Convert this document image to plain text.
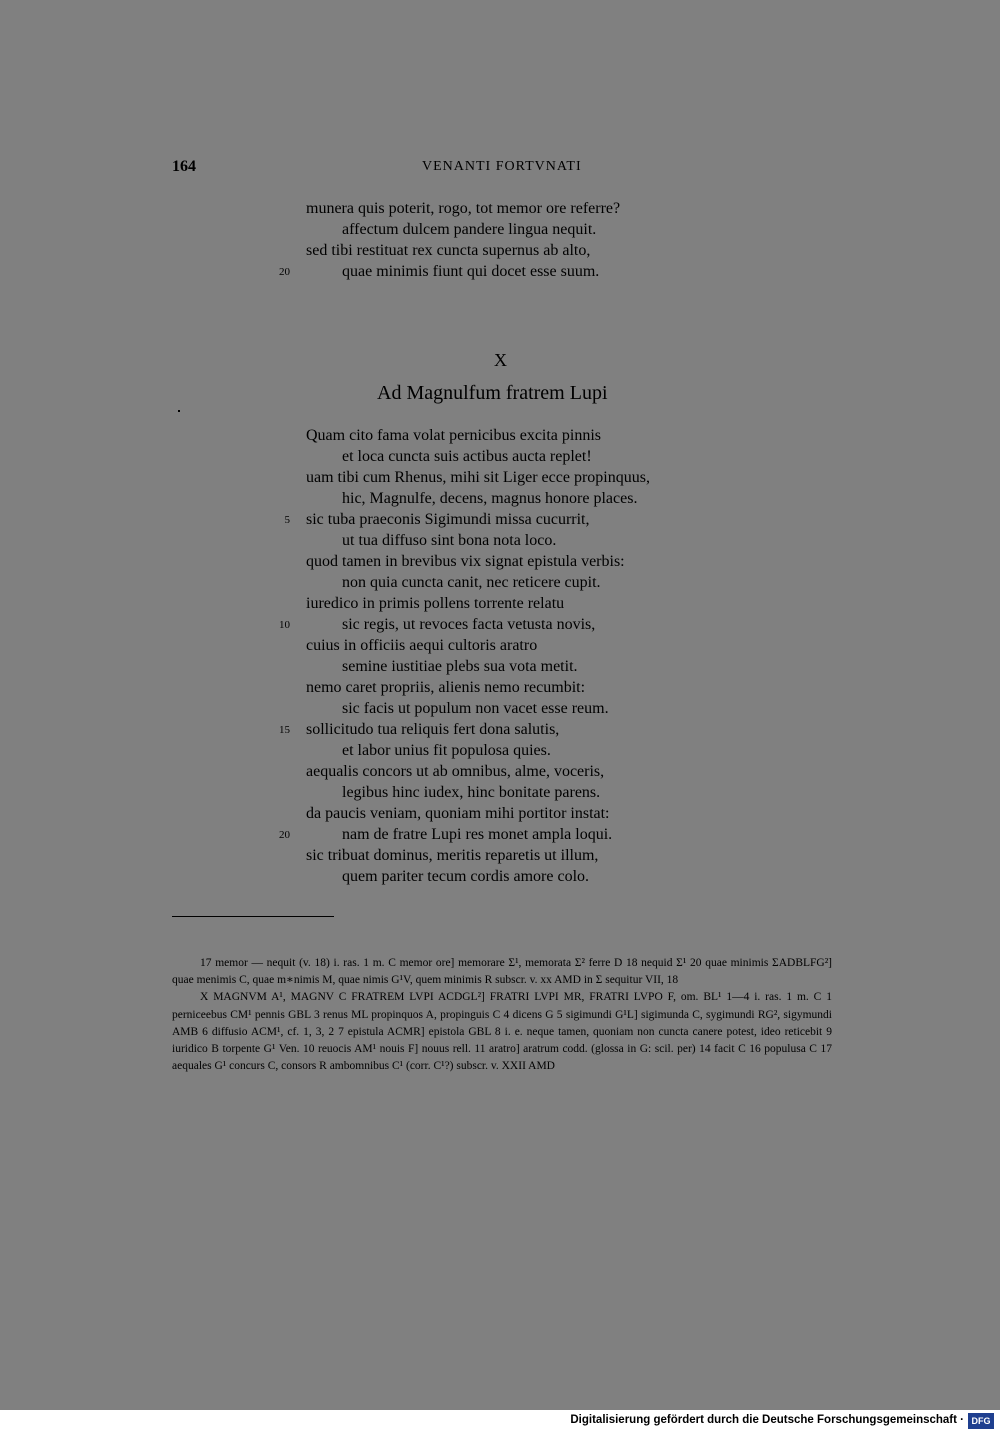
164	VENANTI FORTVNATI
munera quis poterit, rogo, tot memor ore referre?
affectum dulcem pandere lingua nequit.
sed tibi restituat rex cuncta supernus ab alto,
20	quae minimis fiunt qui docet esse suum.
X
Ad Magnulfum fratrem Lupi
Quam cito fama volat pernicibus excita pinnis
et loca cuncta suis actibus aucta replet!
uam tibi cum Rhenus, mihi sit Liger ecce propinquus,
hic, Magnulfe, decens, magnus honore places.
5 sic tuba praeconis Sigimundi missa cucurrit,
ut tua diffuso sint bona nota loco.
quod tamen in brevibus vix signat epistula verbis:
non quia cuncta canit, nec reticere cupit.
iuredico in primis pollens torrente relatu
10	sic regis, ut revoces facta vetusta novis,
cuius in officiis aequi cultoris aratro
semine iustitiae plebs sua vota metit.
nemo caret propriis, alienis nemo recumbit:
sic facis ut populum non vacet esse reum.
15 sollicitudo tua reliquis fert dona salutis,
et labor unius fit populosa quies.
aequalis concors ut ab omnibus, alme, voceris,
legibus hinc iudex, hinc bonitate parens.
da paucis veniam, quoniam mihi portitor instat:
20	nam de fratre Lupi res monet ampla loqui.
sic tribuat dominus, meritis reparetis ut illum,
quem pariter tecum cordis amore colo.

17 memor — nequit (v. 18) i. ras. 1 m. C memor ore] memorare Σ¹, memorata Σ² ferre D 18 nequid Σ¹ 20 quae minimis ΣADBLFG²] quae menimis C, quae m∗nimis M, quae nimis G¹V, quem minimis R subscr. v. xx AMD in Σ sequitur VII, 18

X MAGNVM A¹, MAGNV C FRATREM LVPI ACDGL²] FRATRI LVPI MR, FRATRI LVPO F, om. BL¹ 1—4 i. ras. 1 m. C 1 perniceebus CM¹ pennis GBL 3 renus ML propinquos A, propinguis C 4 dicens G 5 sigimundi G¹L] sigimunda C, sygimundi RG², sigymundi AMB 6 diffusio ACM¹, cf. 1, 3, 2 7 epistula ACMR] epistola GBL 8 i. e. neque tamen, quoniam non cuncta canere potest, ideo reticebit 9 iuridico B torpente G¹ Ven. 10 reuocis AM¹ nouis F] nouus rell. 11 aratro] aratrum codd. (glossa in G: scil. per) 14 facit C 16 populusa C 17 aequales G¹ concurs C, consors R ambomnibus C¹ (corr. C¹?) subscr. v. XXII AMD

Digitalisierung gefördert durch die Deutsche Forschungsgemeinschaft · DFG
